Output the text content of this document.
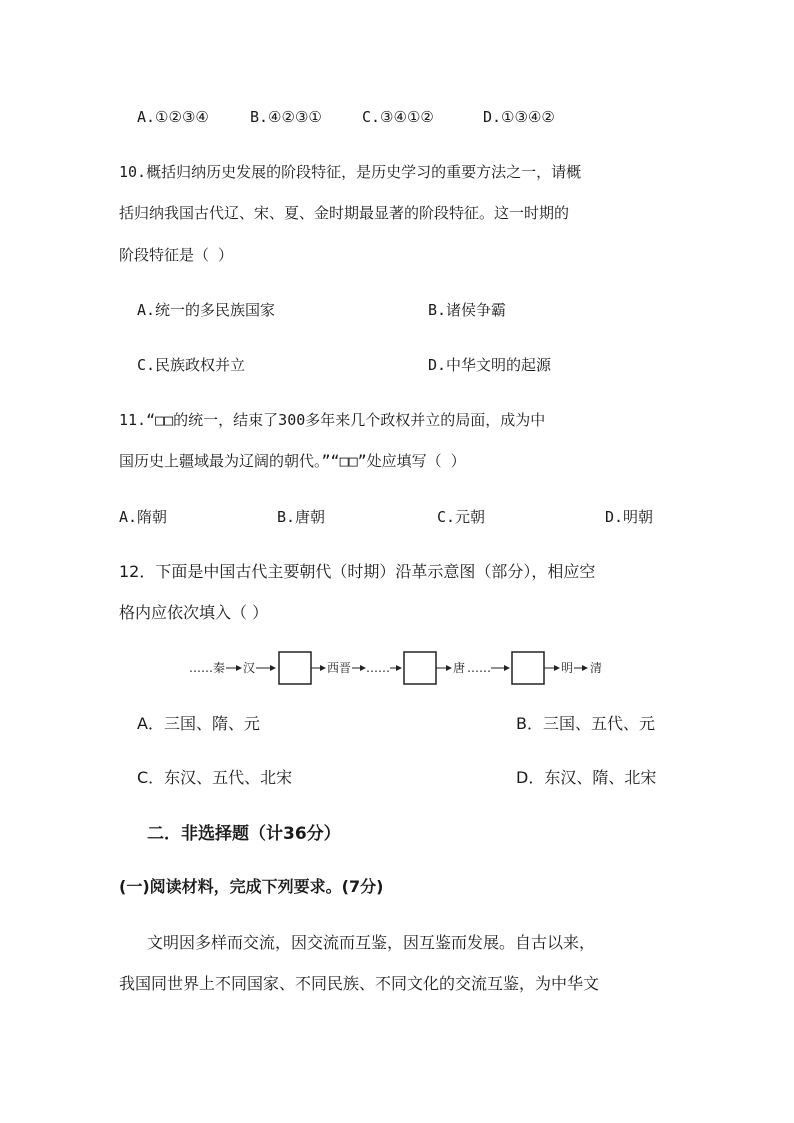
A.①②③④	B.④②③①	C.③④①②	D.①③④②
10.概括归纳历史发展的阶段特征，是历史学习的重要方法之一，请概
括归纳我国古代辽、宋、夏、金时期最显著的阶段特征。这一时期的
阶段特征是（ ）
A.统一的多民族国家	B.诸侯争霸
C.民族政权并立	D.中华文明的起源
11.“□□的统一，结束了300多年来几个政权并立的局面，成为中
国历史上疆域最为辽阔的朝代。”“□□”处应填写（ ）
A.隋朝	B.唐朝	C.元朝	D.明朝
12．下面是中国古代主要朝代（时期）沿革示意图（部分），相应空
格内应依次填入（ ）
…… 秦 汉	西晋 ……	唐 ……	明 清
A．三国、隋、元	B．三国、五代、元
C．东汉、五代、北宋	D．东汉、隋、北宋
二．非选择题（计36分）
(一)阅读材料，完成下列要求。(7分)
文明因多样而交流，因交流而互鉴，因互鉴而发展。自古以来，
我国同世界上不同国家、不同民族、不同文化的交流互鉴，为中华文
